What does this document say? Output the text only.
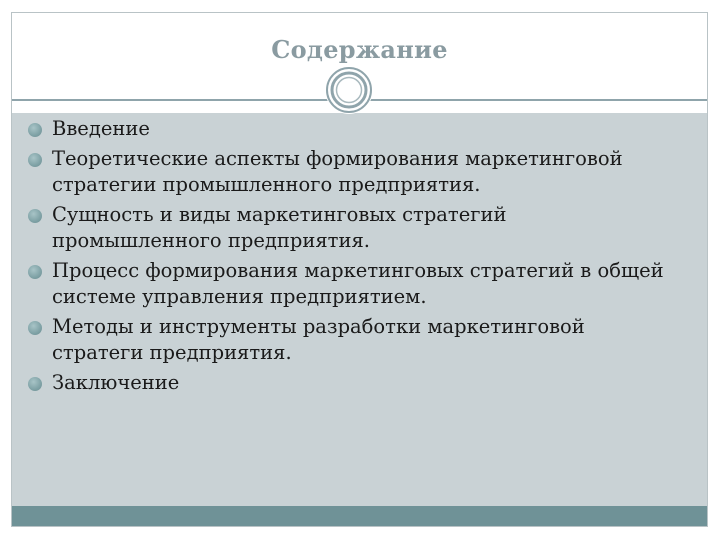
Содержание
Введение
Теоретические аспекты формирования маркетинговой стратегии промышленного предприятия.
Сущность и виды маркетинговых стратегий промышленного предприятия.
Процесс формирования маркетинговых стратегий в общей системе управления предприятием.
Методы и инструменты разработки маркетинговой стратеги предприятия.
Заключение
